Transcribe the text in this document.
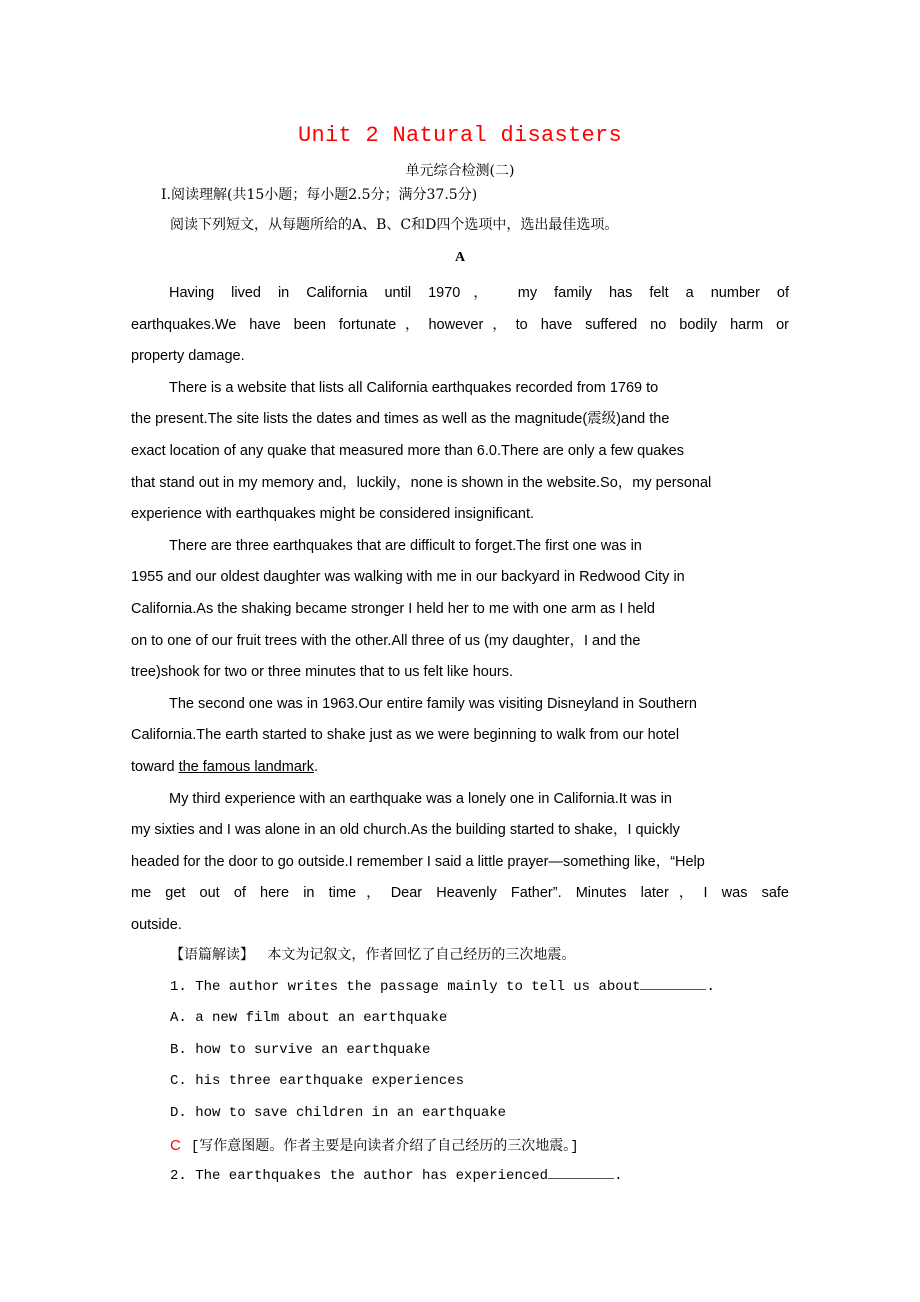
Unit 2 Natural disasters
单元综合检测(二)
Ⅰ.阅读理解(共15小题；每小题2.5分；满分37.5分)
阅读下列短文，从每题所给的A、B、C和D四个选项中，选出最佳选项。
A
Having lived in California until 1970， my family has felt a number of
earthquakes.We have been fortunate，however，to have suffered no bodily harm or
property damage.
There is a website that lists all California earthquakes recorded from 1769 to
the present.The site lists the dates and times as well as the magnitude(震级)and the
exact location of any quake that measured more than 6.0.There are only a few quakes
that stand out in my memory and，luckily，none is shown in the website.So，my personal
experience with earthquakes might be considered insignificant.
There are three earthquakes that are difficult to forget.The first one was in
1955 and our oldest daughter was walking with me in our backyard in Redwood City in
California.As the shaking became stronger I held her to me with one arm as I held
on to one of our fruit trees with the other.All three of us (my daughter，I and the
tree)shook for two or three minutes that to us felt like hours.
The second one was in 1963.Our entire family was visiting Disneyland in Southern
California.The earth started to shake just as we were beginning to walk from our hotel
toward the famous landmark.
My third experience with an earthquake was a lonely one in California.It was in
my sixties and I was alone in an old church.As the building started to shake，I quickly
headed for the door to go outside.I remember I said a little prayer—something like，“Help
me get out of here in time，Dear Heavenly Father”. Minutes later，I was safe
outside.
【语篇解读】 本文为记叙文，作者回忆了自己经历的三次地震。
1. The author writes the passage mainly to tell us about	.
A. a new film about an earthquake
B. how to survive an earthquake
C. his three earthquake experiences
D. how to save children in an earthquake
C [写作意图题。作者主要是向读者介绍了自己经历的三次地震。]
2. The earthquakes the author has experienced	.
